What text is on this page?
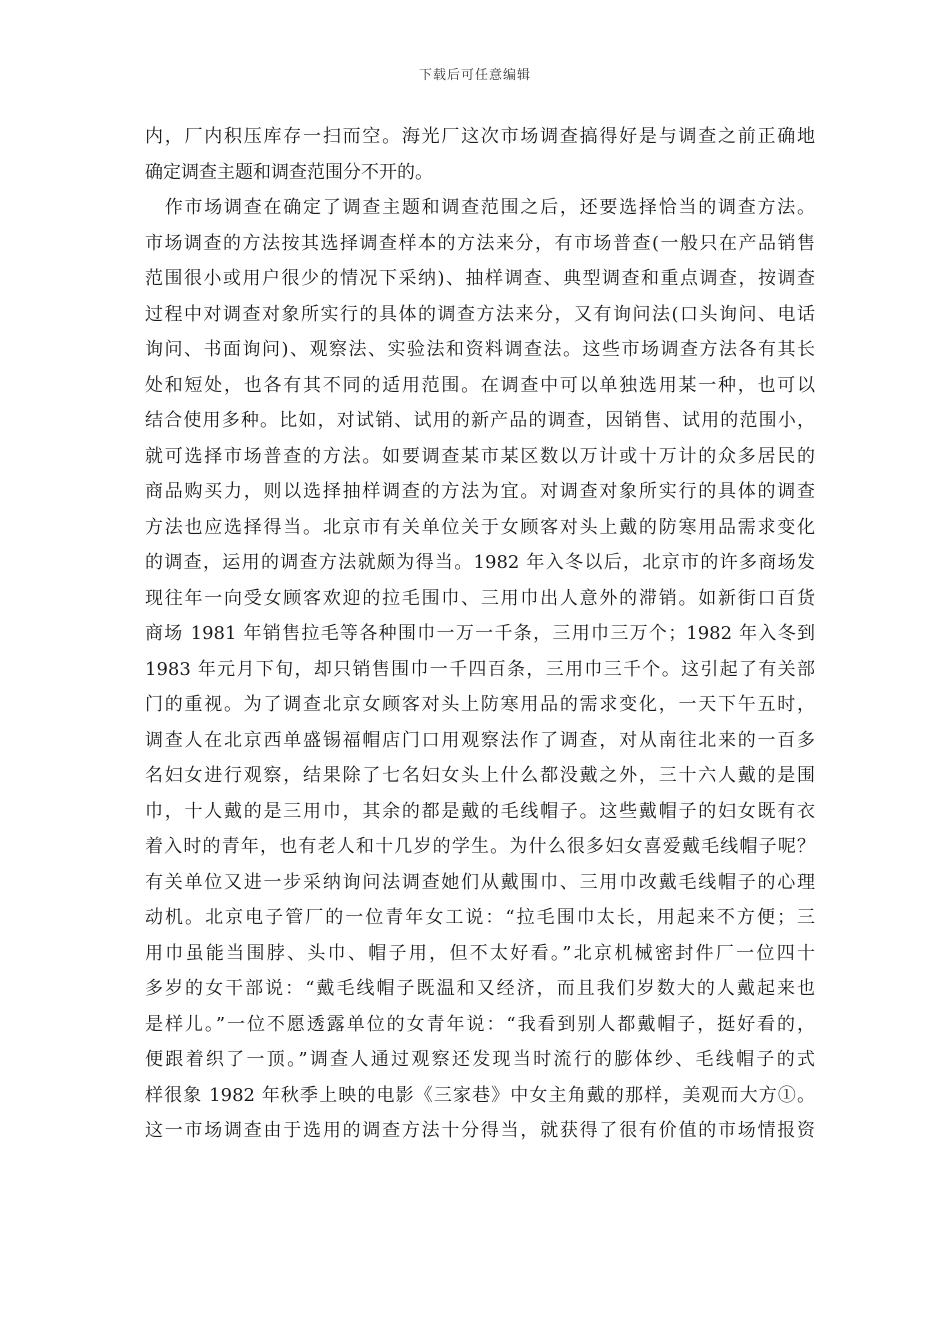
下载后可任意编辑
内，厂内积压库存一扫而空。海光厂这次市场调查搞得好是与调查之前正确地
确定调查主题和调查范围分不开的。
　作市场调查在确定了调查主题和调查范围之后，还要选择恰当的调查方法。
市场调查的方法按其选择调查样本的方法来分，有市场普查(一般只在产品销售
范围很小或用户很少的情况下采纳)、抽样调查、典型调查和重点调查，按调查
过程中对调查对象所实行的具体的调查方法来分，又有询问法(口头询问、电话
询问、书面询问)、观察法、实验法和资料调查法。这些市场调查方法各有其长
处和短处，也各有其不同的适用范围。在调查中可以单独选用某一种，也可以
结合使用多种。比如，对试销、试用的新产品的调查，因销售、试用的范围小，
就可选择市场普查的方法。如要调查某市某区数以万计或十万计的众多居民的
商品购买力，则以选择抽样调查的方法为宜。对调查对象所实行的具体的调查
方法也应选择得当。北京市有关单位关于女顾客对头上戴的防寒用品需求变化
的调查，运用的调查方法就颇为得当。1982 年入冬以后，北京市的许多商场发
现往年一向受女顾客欢迎的拉毛围巾、三用巾出人意外的滞销。如新街口百货
商场 1981 年销售拉毛等各种围巾一万一千条，三用巾三万个；1982 年入冬到
1983 年元月下旬，却只销售围巾一千四百条，三用巾三千个。这引起了有关部
门的重视。为了调查北京女顾客对头上防寒用品的需求变化，一天下午五时，
调查人在北京西单盛锡福帽店门口用观察法作了调查，对从南往北来的一百多
名妇女进行观察，结果除了七名妇女头上什么都没戴之外，三十六人戴的是围
巾，十人戴的是三用巾，其余的都是戴的毛线帽子。这些戴帽子的妇女既有衣
着入时的青年，也有老人和十几岁的学生。为什么很多妇女喜爱戴毛线帽子呢？
有关单位又进一步采纳询问法调查她们从戴围巾、三用巾改戴毛线帽子的心理
动机。北京电子管厂的一位青年女工说：“拉毛围巾太长，用起来不方便；三
用巾虽能当围脖、头巾、帽子用，但不太好看。”北京机械密封件厂一位四十
多岁的女干部说：“戴毛线帽子既温和又经济，而且我们岁数大的人戴起来也
是样儿。”一位不愿透露单位的女青年说：“我看到别人都戴帽子，挺好看的，
便跟着织了一顶。”调查人通过观察还发现当时流行的膨体纱、毛线帽子的式
样很象 1982 年秋季上映的电影《三家巷》中女主角戴的那样，美观而大方①。
这一市场调查由于选用的调查方法十分得当，就获得了很有价值的市场情报资
